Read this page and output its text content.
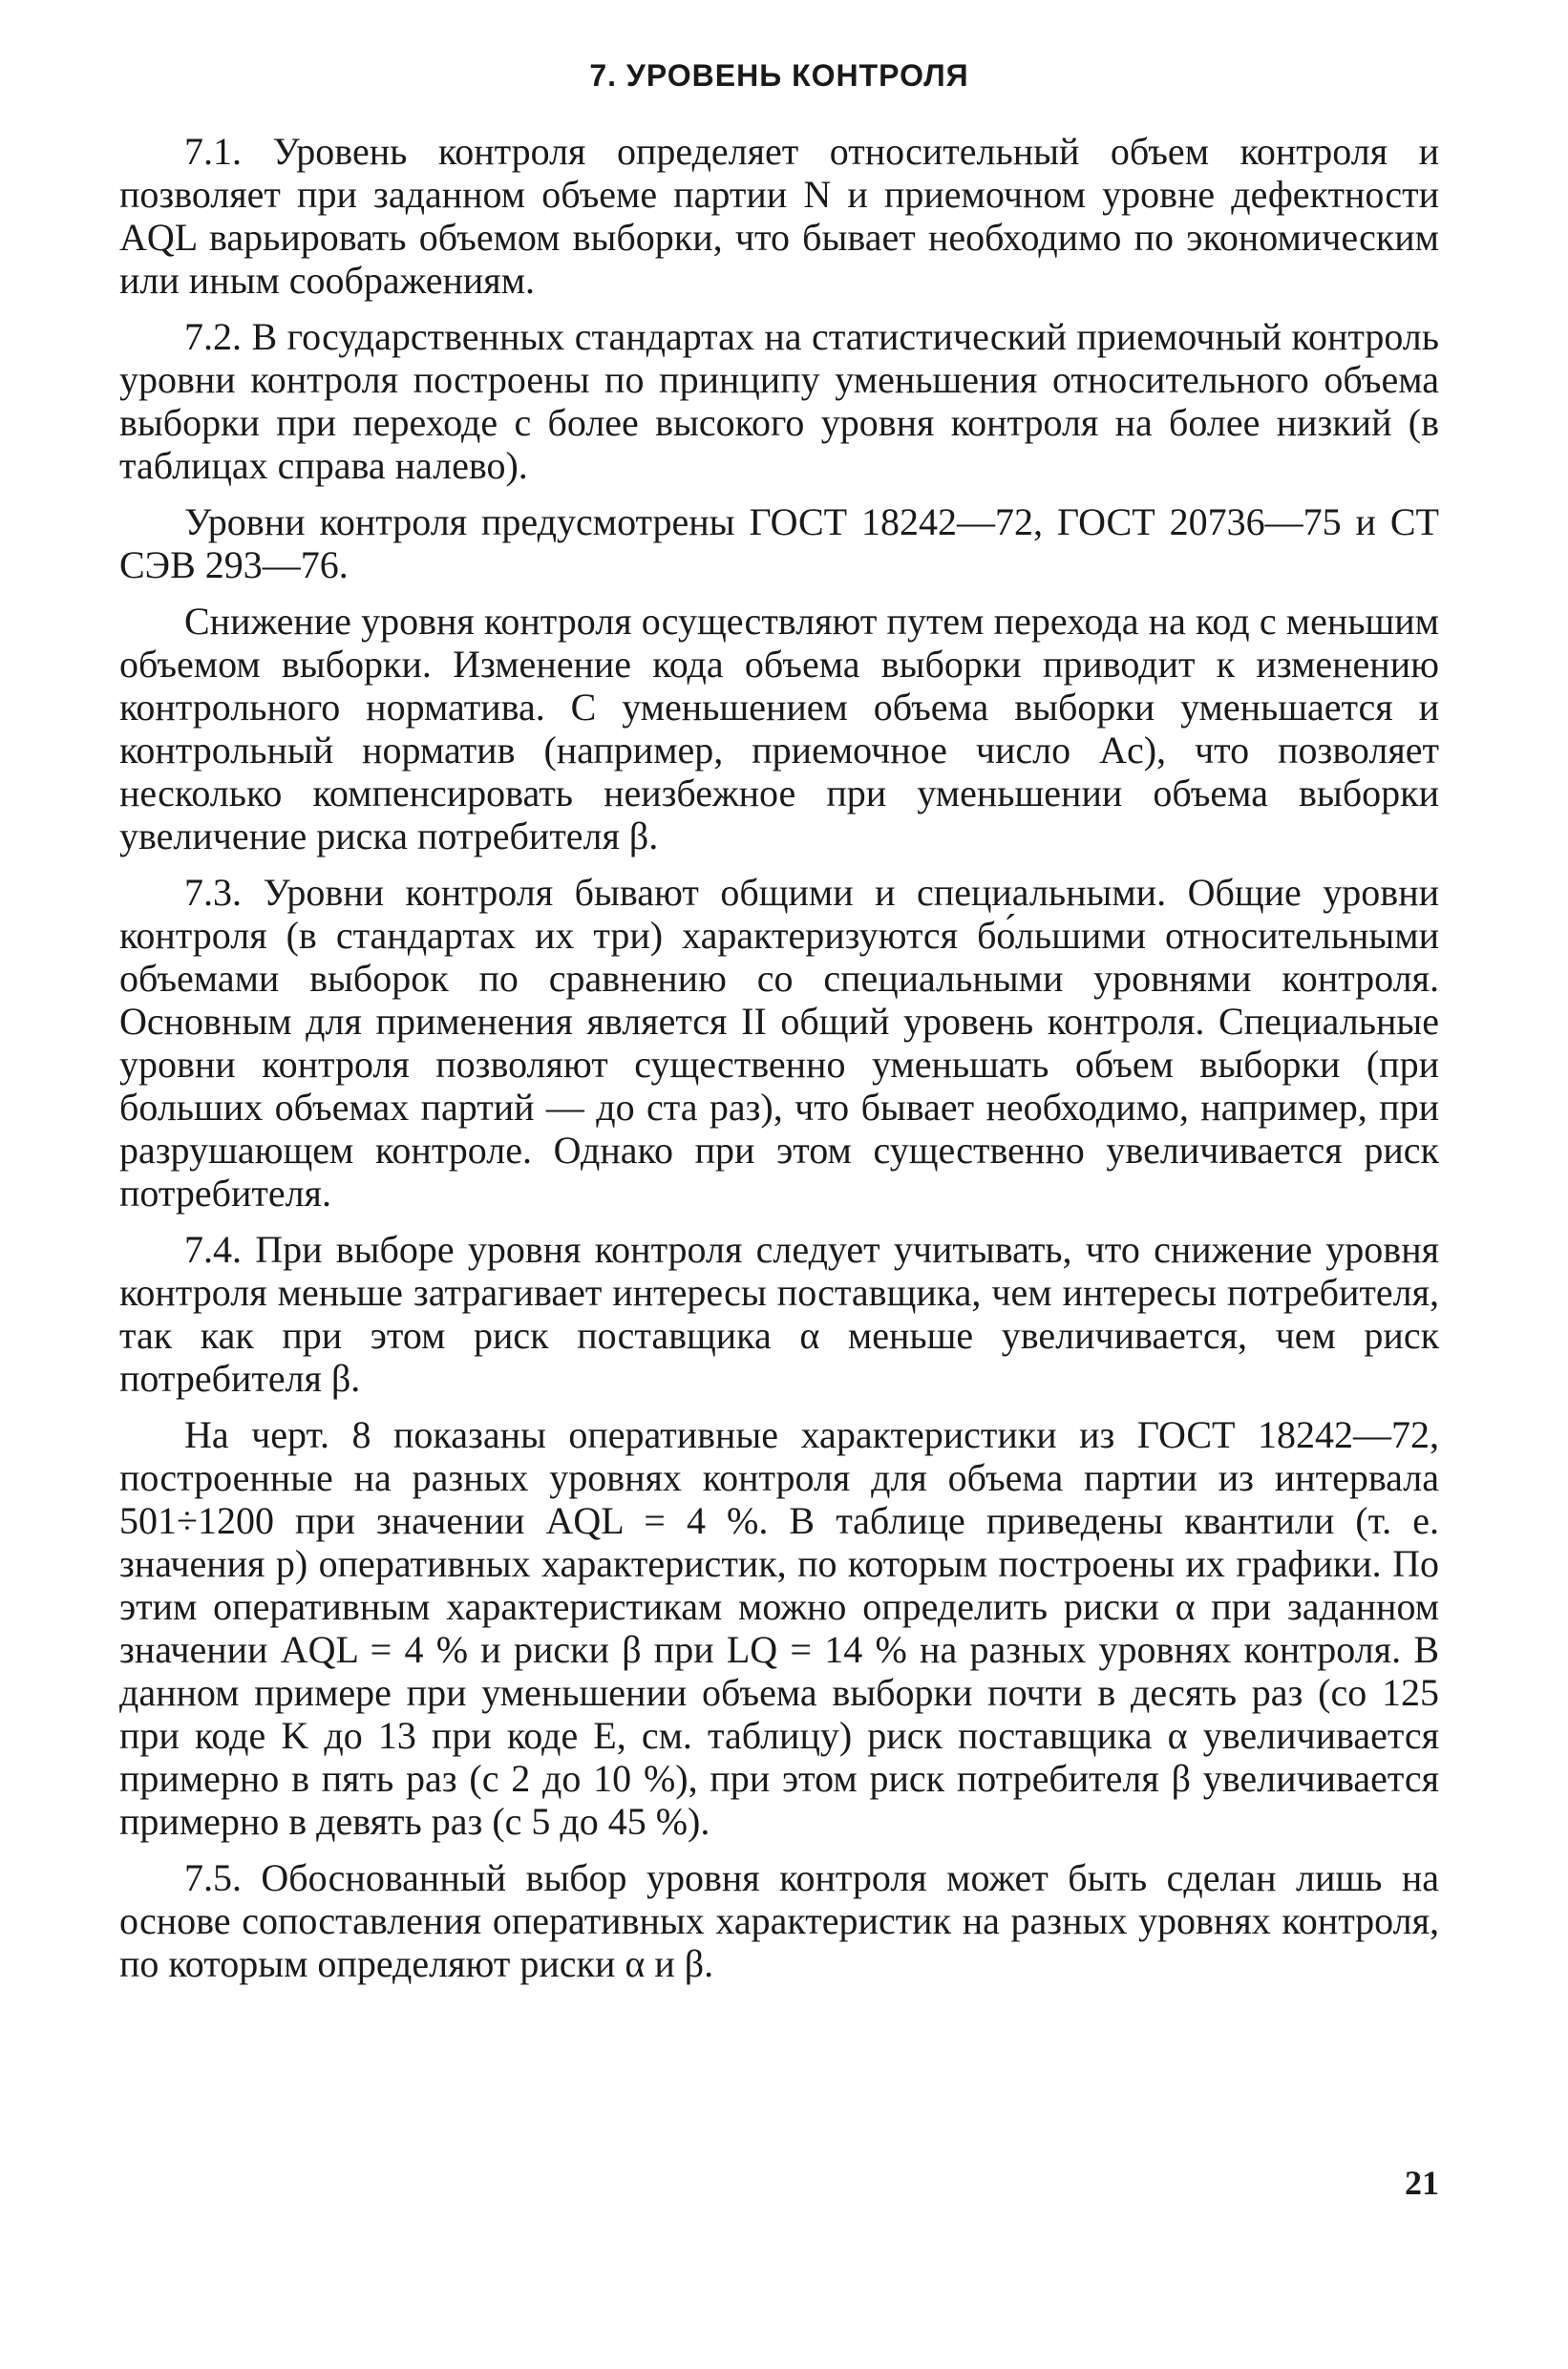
7. УРОВЕНЬ КОНТРОЛЯ

7.1. Уровень контроля определяет относительный объем контроля и позволяет при заданном объеме партии N и приемочном уровне дефектности AQL варьировать объемом выборки, что бывает необходимо по экономическим или иным соображениям.

7.2. В государственных стандартах на статистический приемочный контроль уровни контроля построены по принципу уменьшения относительного объема выборки при переходе с более высокого уровня контроля на более низкий (в таблицах справа налево).

Уровни контроля предусмотрены ГОСТ 18242—72, ГОСТ 20736—75 и СТ СЭВ 293—76.

Снижение уровня контроля осуществляют путем перехода на код с меньшим объемом выборки. Изменение кода объема выборки приводит к изменению контрольного норматива. С уменьшением объема выборки уменьшается и контрольный норматив (например, приемочное число Ac), что позволяет несколько компенсировать неизбежное при уменьшении объема выборки увеличение риска потребителя β.

7.3. Уровни контроля бывают общими и специальными. Общие уровни контроля (в стандартах их три) характеризуются бо́льшими относительными объемами выборок по сравнению со специальными уровнями контроля. Основным для применения является II общий уровень контроля. Специальные уровни контроля позволяют существенно уменьшать объем выборки (при больших объемах партий — до ста раз), что бывает необходимо, например, при разрушающем контроле. Однако при этом существенно увеличивается риск потребителя.

7.4. При выборе уровня контроля следует учитывать, что снижение уровня контроля меньше затрагивает интересы поставщика, чем интересы потребителя, так как при этом риск поставщика α меньше увеличивается, чем риск потребителя β.

На черт. 8 показаны оперативные характеристики из ГОСТ 18242—72, построенные на разных уровнях контроля для объема партии из интервала 501÷1200 при значении AQL = 4 %. В таблице приведены квантили (т. е. значения p) оперативных характеристик, по которым построены их графики. По этим оперативным характеристикам можно определить риски α при заданном значении AQL = 4 % и риски β при LQ = 14 % на разных уровнях контроля. В данном примере при уменьшении объема выборки почти в десять раз (со 125 при коде K до 13 при коде E, см. таблицу) риск поставщика α увеличивается примерно в пять раз (с 2 до 10 %), при этом риск потребителя β увеличивается примерно в девять раз (с 5 до 45 %).

7.5. Обоснованный выбор уровня контроля может быть сделан лишь на основе сопоставления оперативных характеристик на разных уровнях контроля, по которым определяют риски α и β.

21
